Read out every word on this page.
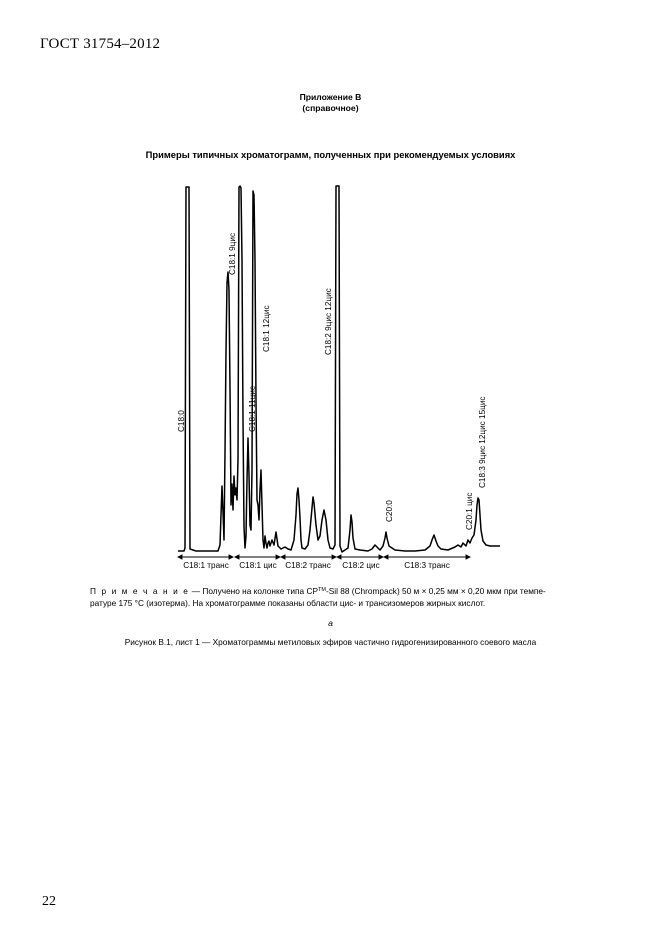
ГОСТ 31754–2012
Приложение В
(справочное)
Примеры типичных хроматограмм, полученных при рекомендуемых условиях
C18:0
C18:1 9цис
C18:1 11цис
C18:1 12цис	C18:2 9цис 12цис
C20:0	C20:1 цис
C18:3 9цис 12цис 15цис
C18:1 транс C18:1 цис C18:2 транс C18:2 цис	C18:3 транс
П р и м е ч а н и е — Получено на колонке типа CP™-Sil 88 (Chrompack) 50 м × 0,25 мм × 0,20 мкм при темпе-
ратуре 175 °С (изотерма). На хроматограмме показаны области цис- и трансизомеров жирных кислот.
а
Рисунок В.1, лист 1 — Хроматограммы метиловых эфиров частично гидрогенизированного соевого масла
22
